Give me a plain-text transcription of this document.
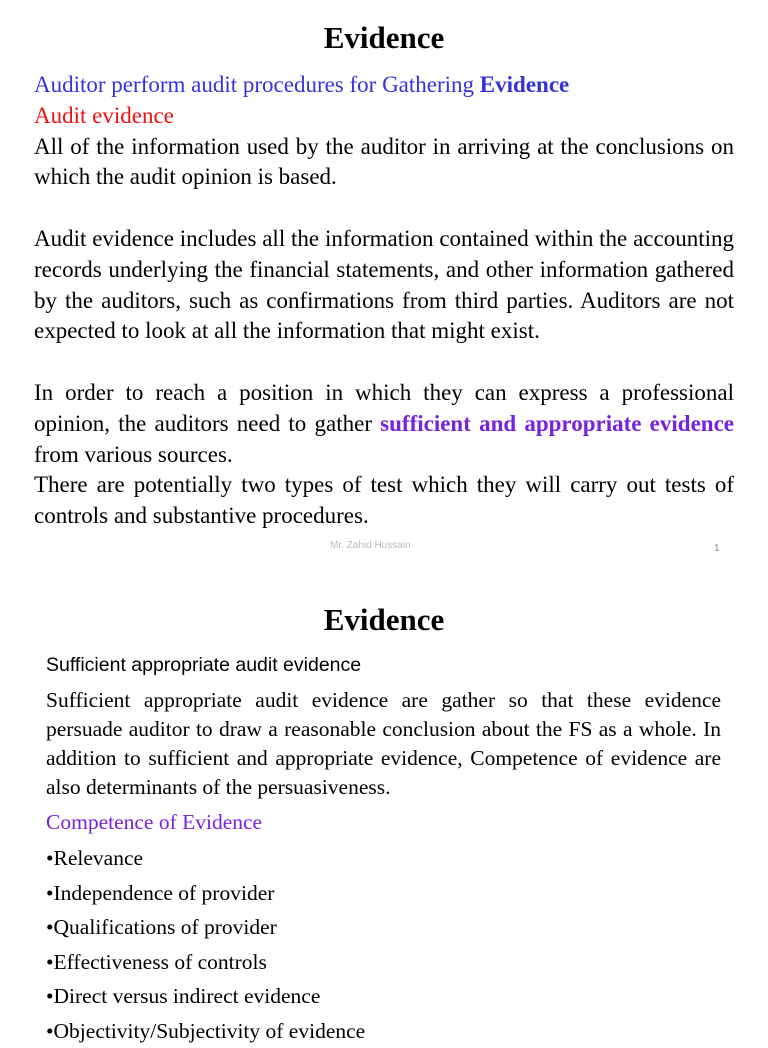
Evidence

Auditor perform audit procedures for Gathering Evidence

Audit evidence

All of the information used by the auditor in arriving at the conclusions on which the audit opinion is based.

Audit evidence includes all the information contained within the accounting records underlying the financial statements, and other information gathered by the auditors, such as confirmations from third parties. Auditors are not expected to look at all the information that might exist.

In order to reach a position in which they can express a professional opinion, the auditors need to gather sufficient and appropriate evidence from various sources.

There are potentially two types of test which they will carry out tests of controls and substantive procedures.

Mr. Zahid Hussain	1
Evidence

Sufficient appropriate audit evidence

Sufficient appropriate audit evidence are gather so that these evidence persuade auditor to draw a reasonable conclusion about the FS as a whole. In addition to sufficient and appropriate evidence, Competence of evidence are also determinants of the persuasiveness.

Competence of Evidence

•Relevance
•Independence of provider
•Qualifications of provider
•Effectiveness of controls
•Direct versus indirect evidence
•Objectivity/Subjectivity of evidence
